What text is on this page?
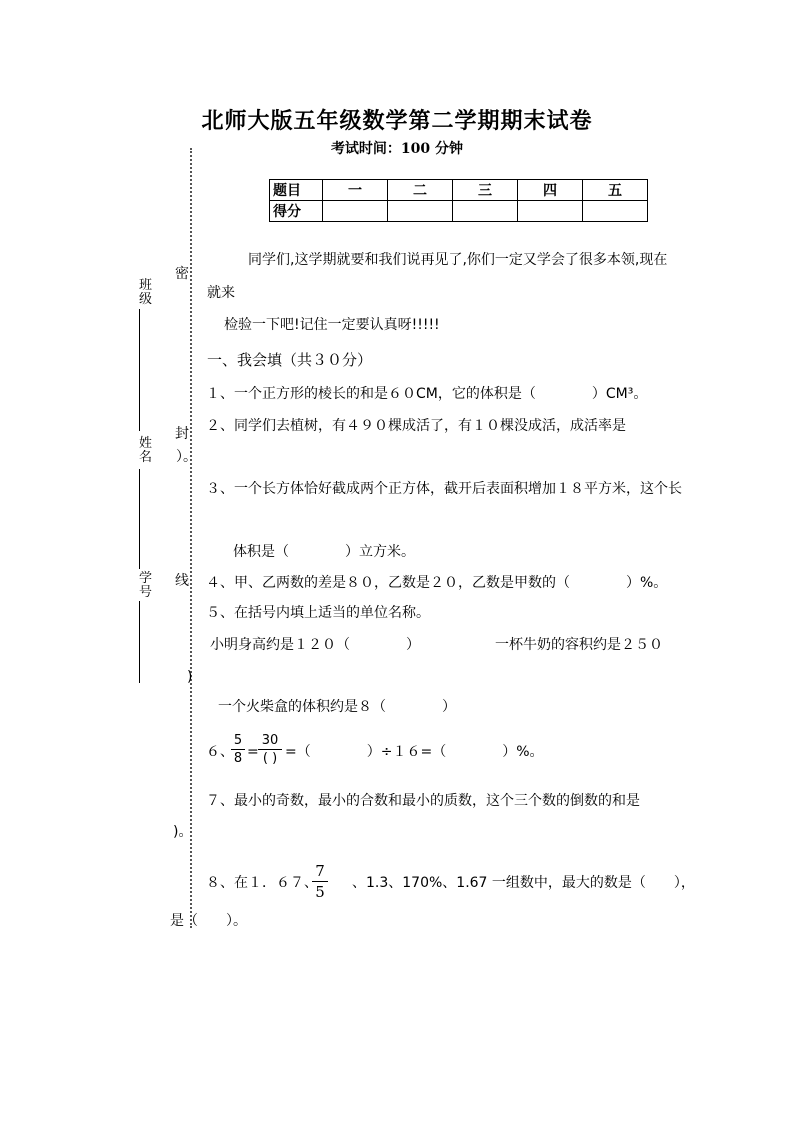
北师大版五年级数学第二学期期末试卷
考试时间：100 分钟
题目	一	二	三	四	五
得分					
密
封
线
班级
姓名
学号
同学们,这学期就要和我们说再见了,你们一定又学会了很多本领,现在
就来
检验一下吧!记住一定要认真呀!!!!!
一、我会填（共３０分）
１、一个正方形的棱长的和是６０CM，它的体积是（　　　　）CM³。
２、同学们去植树，有４９０棵成活了，有１０棵没成活，成活率是
）。
３、一个长方体恰好截成两个正方体，截开后表面积增加１８平方米，这个长
体积是（　　　　）立方米。
４、甲、乙两数的差是８０，乙数是２０，乙数是甲数的（　　　　）%。
５、在括号内填上适当的单位名称。
小明身高约是１２０（　　　　）	一杯牛奶的容积约是２５０
)
一个火柴盒的体积约是８（　　　　）
６、
5
8 =
30
( ) =（　　　　）÷１６=（　　　　）%。
７、最小的奇数，最小的合数和最小的质数，这个三个数的倒数的和是
)。
８、在１．６７、
7
5 、1.3、170%、1.67 一组数中，最大的数是（　　），
是（　　）。
